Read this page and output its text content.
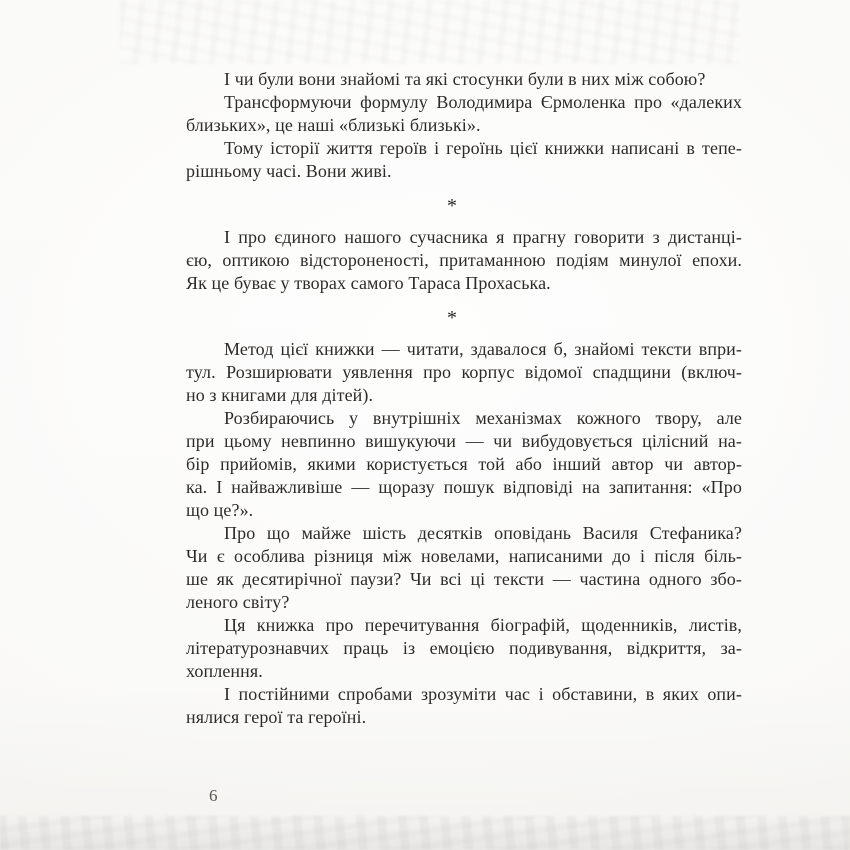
І чи були вони знайомі та які стосунки були в них між собою?
Трансформуючи формулу Володимира Єрмоленка про «далеких
близьких», це наші «близькі близькі».
Тому історії життя героїв і героїнь цієї книжки написані в тепе-
рішньому часі. Вони живі.
*
І про єдиного нашого сучасника я прагну говорити з дистанці-
єю, оптикою відстороненості, притаманною подіям минулої епохи.
Як це буває у творах самого Тараса Прохаська.
*
Метод цієї книжки — читати, здавалося б, знайомі тексти впри-
тул. Розширювати уявлення про корпус відомої спадщини (включ-
но з книгами для дітей).
Розбираючись у внутрішніх механізмах кожного твору, але
при цьому невпинно вишукуючи — чи вибудовується цілісний на-
бір прийомів, якими користується той або інший автор чи автор-
ка. І найважливіше — щоразу пошук відповіді на запитання: «Про
що це?».
Про що майже шість десятків оповідань Василя Стефаника?
Чи є особлива різниця між новелами, написаними до і після біль-
ше як десятирічної паузи? Чи всі ці тексти — частина одного збо-
леного світу?
Ця книжка про перечитування біографій, щоденників, листів,
літературознавчих праць із емоцією подивування, відкриття, за-
хоплення.
І постійними спробами зрозуміти час і обставини, в яких опи-
нялися герої та героїні.
6
